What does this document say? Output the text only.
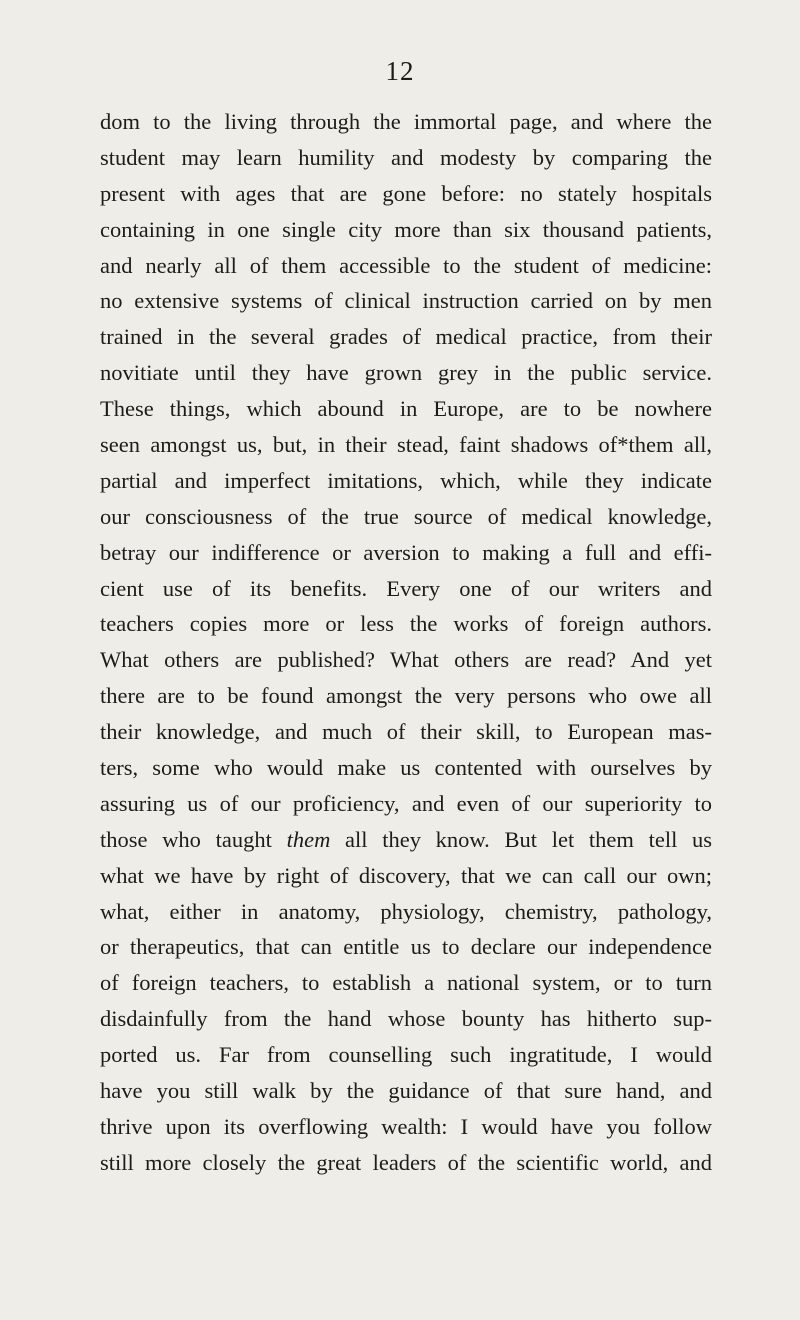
12
dom to the living through the immortal page, and where the
student may learn humility and modesty by comparing the
present with ages that are gone before: no stately hospitals
containing in one single city more than six thousand patients,
and nearly all of them accessible to the student of medicine:
no extensive systems of clinical instruction carried on by men
trained in the several grades of medical practice, from their
novitiate until they have grown grey in the public service.
These things, which abound in Europe, are to be nowhere
seen amongst us, but, in their stead, faint shadows of*them all,
partial and imperfect imitations, which, while they indicate
our consciousness of the true source of medical knowledge,
betray our indifference or aversion to making a full and effi-
cient use of its benefits. Every one of our writers and
teachers copies more or less the works of foreign authors.
What others are published? What others are read? And yet
there are to be found amongst the very persons who owe all
their knowledge, and much of their skill, to European mas-
ters, some who would make us contented with ourselves by
assuring us of our proficiency, and even of our superiority to
those who taught them all they know. But let them tell us
what we have by right of discovery, that we can call our own;
what, either in anatomy, physiology, chemistry, pathology,
or therapeutics, that can entitle us to declare our independence
of foreign teachers, to establish a national system, or to turn
disdainfully from the hand whose bounty has hitherto sup-
ported us. Far from counselling such ingratitude, I would
have you still walk by the guidance of that sure hand, and
thrive upon its overflowing wealth: I would have you follow
still more closely the great leaders of the scientific world, and
